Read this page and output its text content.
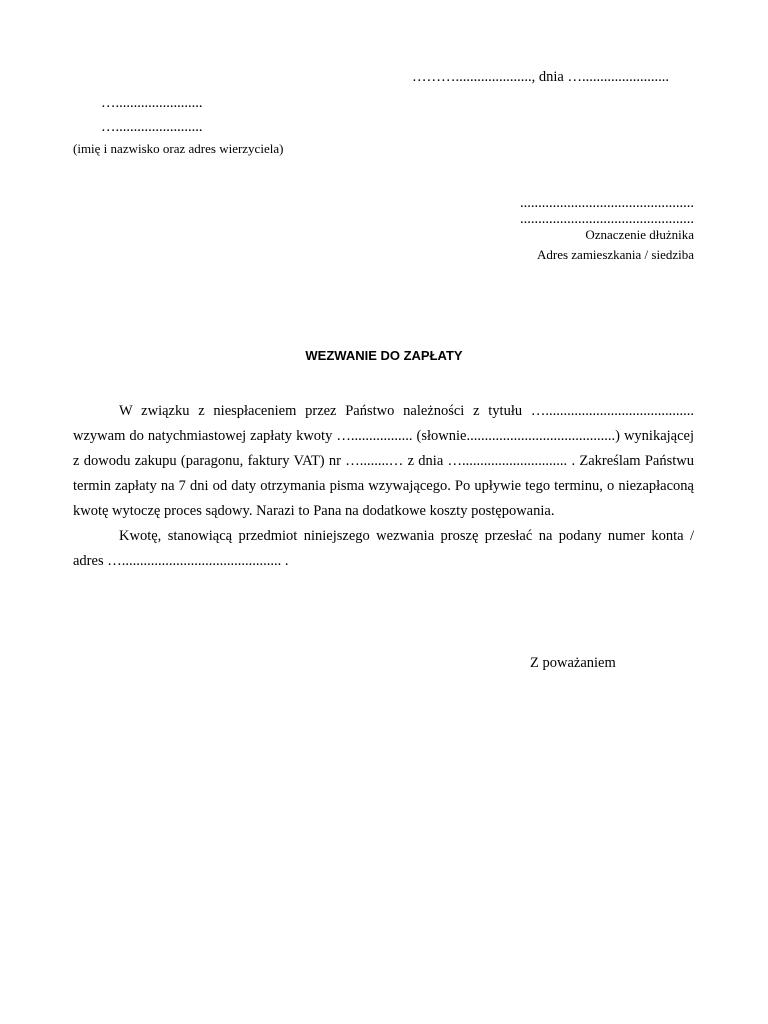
………....................., dnia …........................
…........................
…........................
(imię i nazwisko oraz adres wierzyciela)
................................................
................................................
Oznaczenie dłużnika
Adres zamieszkania / siedziba
WEZWANIE DO ZAPŁATY

W związku z niespłaceniem przez Państwo należności z tytułu …......................................... wzywam do natychmiastowej zapłaty kwoty …................. (słownie.........................................) wynikającej z dowodu zakupu (paragonu, faktury VAT) nr …........… z dnia …............................. . Zakreślam Państwu termin zapłaty na 7 dni od daty otrzymania pisma wzywającego. Po upływie tego terminu, o niezapłaconą kwotę wytoczę proces sądowy. Narazi to Pana na dodatkowe koszty postępowania.

Kwotę, stanowiącą przedmiot niniejszego wezwania proszę przesłać na podany numer konta / adres …............................................ .

Z poważaniem
